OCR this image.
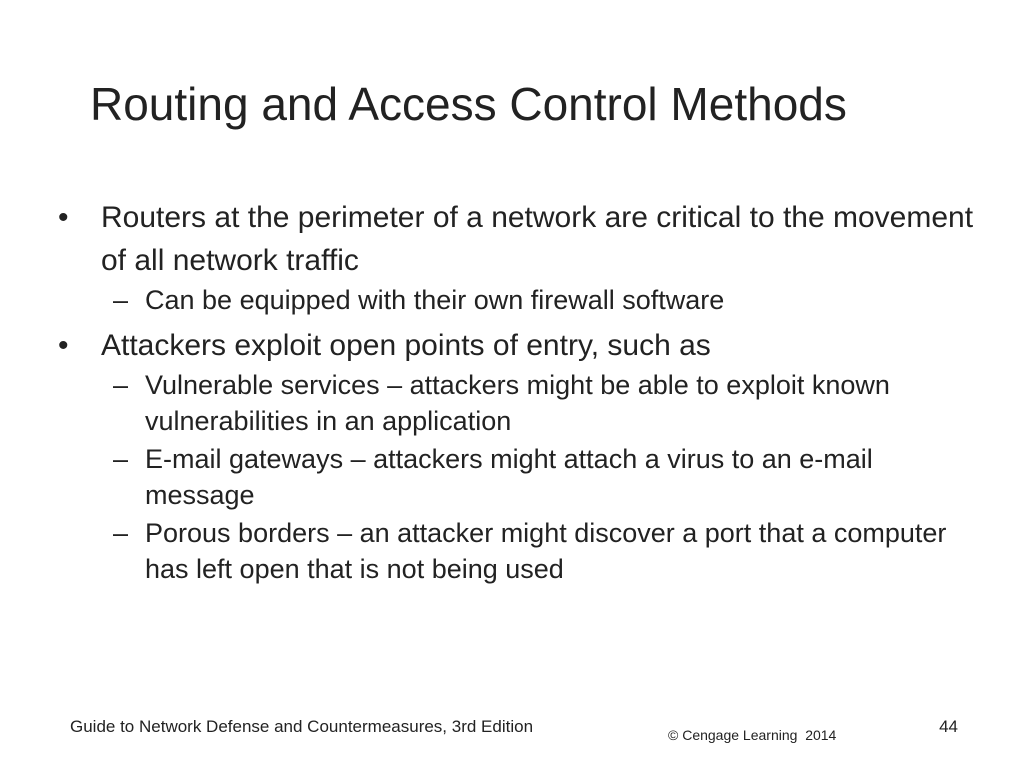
Routing and Access Control Methods
•	Routers at the perimeter of a network are critical to the movement of all network traffic
– Can be equipped with their own firewall software
•	Attackers exploit open points of entry, such as
– Vulnerable services – attackers might be able to exploit known vulnerabilities in an application
– E-mail gateways – attackers might attach a virus to an e-mail message
– Porous borders – an attacker might discover a port that a computer has left open that is not being used
Guide to Network Defense and Countermeasures, 3rd Edition	© Cengage Learning  2014	44
